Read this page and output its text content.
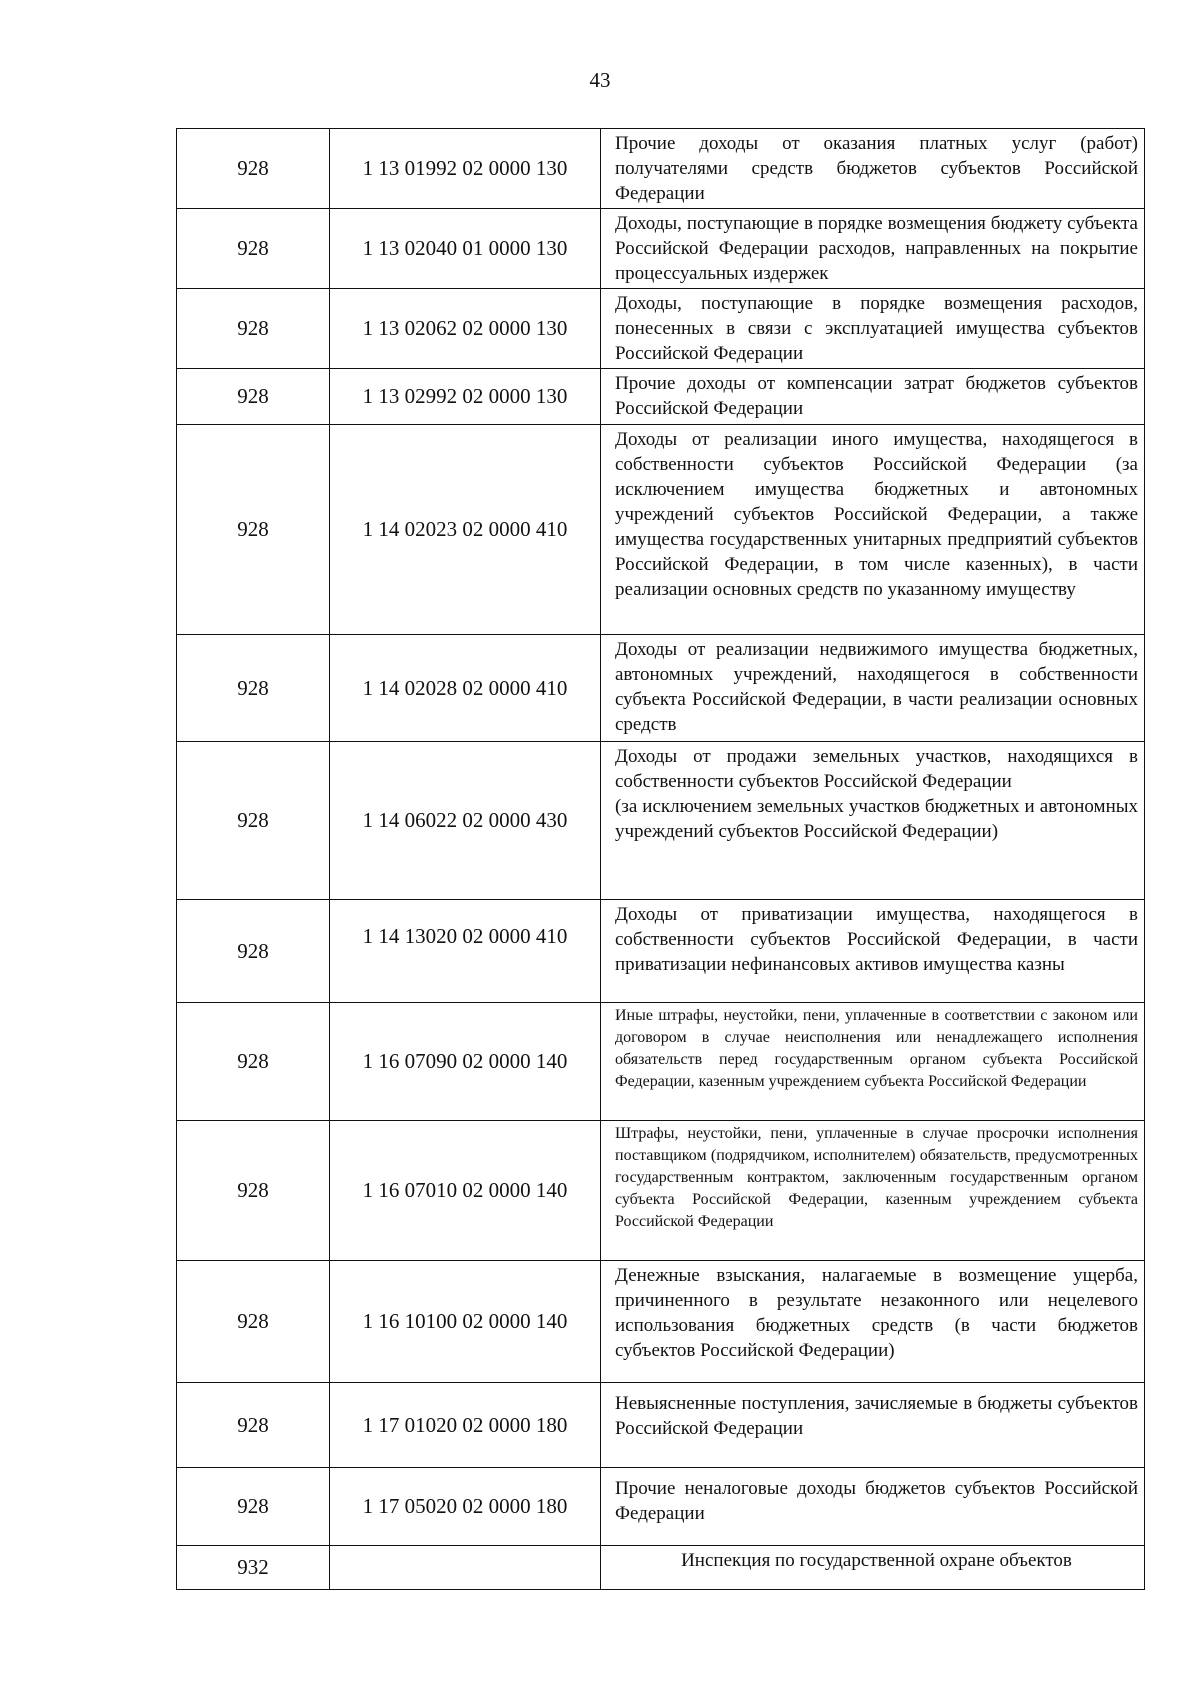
43
928	1 13 01992 02 0000 130	Прочие доходы от оказания платных услуг (работ) получателями средств бюджетов субъектов Российской Федерации

928	1 13 02040 01 0000 130	Доходы, поступающие в порядке возмещения бюджету субъекта Российской Федерации расходов, направленных на покрытие процессуальных издержек

928	1 13 02062 02 0000 130	Доходы, поступающие в порядке возмещения расходов, понесенных в связи с эксплуатацией имущества субъектов Российской Федерации

928	1 13 02992 02 0000 130	Прочие доходы от компенсации затрат бюджетов субъектов Российской Федерации

928	1 14 02023 02 0000 410	Доходы от реализации иного имущества, находящегося в собственности субъектов Российской Федерации (за исключением имущества бюджетных и автономных учреждений субъектов Российской Федерации, а также имущества государственных унитарных предприятий субъектов Российской Федерации, в том числе казенных), в части реализации основных средств по указанному имуществу

928	1 14 02028 02 0000 410	Доходы от реализации недвижимого имущества бюджетных, автономных учреждений, находящегося в собственности субъекта Российской Федерации, в части реализации основных средств

928	1 14 06022 02 0000 430	Доходы от продажи земельных участков, находящихся в собственности субъектов Российской Федерации
(за исключением земельных участков бюджетных и автономных учреждений субъектов Российской Федерации)

928	1 14 13020 02 0000 410	Доходы от приватизации имущества, находящегося в собственности субъектов Российской Федерации, в части приватизации нефинансовых активов имущества казны

928	1 16 07090 02 0000 140	Иные штрафы, неустойки, пени, уплаченные в соответствии с законом или договором в случае неисполнения или ненадлежащего исполнения обязательств перед государственным органом субъекта Российской Федерации, казенным учреждением субъекта Российской Федерации

928	1 16 07010 02 0000 140	Штрафы, неустойки, пени, уплаченные в случае просрочки исполнения поставщиком (подрядчиком, исполнителем) обязательств, предусмотренных государственным контрактом, заключенным государственным органом субъекта Российской Федерации, казенным учреждением субъекта Российской Федерации

928	1 16 10100 02 0000 140	Денежные взыскания, налагаемые в возмещение ущерба, причиненного в результате незаконного или нецелевого использования бюджетных средств (в части бюджетов субъектов Российской Федерации)

928	1 17 01020 02 0000 180	Невыясненные поступления, зачисляемые в бюджеты субъектов Российской Федерации

928	1 17 05020 02 0000 180	Прочие неналоговые доходы бюджетов субъектов Российской Федерации

932		Инспекция по государственной охране объектов
